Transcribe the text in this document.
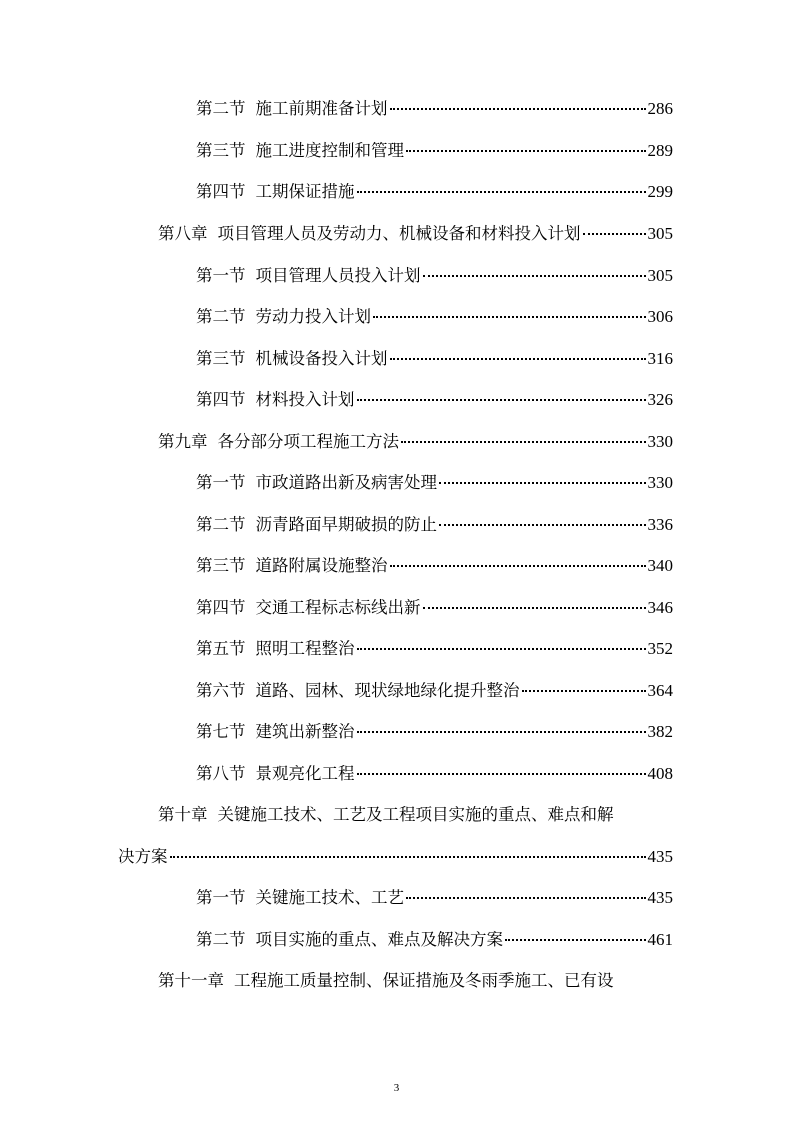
第二节 施工前期准备计划	286
第三节 施工进度控制和管理	289
第四节 工期保证措施	299
第八章 项目管理人员及劳动力、机械设备和材料投入计划	305
第一节 项目管理人员投入计划	305
第二节 劳动力投入计划	306
第三节 机械设备投入计划	316
第四节 材料投入计划	326
第九章 各分部分项工程施工方法	330
第一节 市政道路出新及病害处理	330
第二节 沥青路面早期破损的防止	336
第三节 道路附属设施整治	340
第四节 交通工程标志标线出新	346
第五节 照明工程整治	352
第六节 道路、园林、现状绿地绿化提升整治	364
第七节 建筑出新整治	382
第八节 景观亮化工程	408
第十章 关键施工技术、工艺及工程项目实施的重点、难点和解
决方案	435
第一节 关键施工技术、工艺	435
第二节 项目实施的重点、难点及解决方案	461
第十一章 工程施工质量控制、保证措施及冬雨季施工、已有设
3
